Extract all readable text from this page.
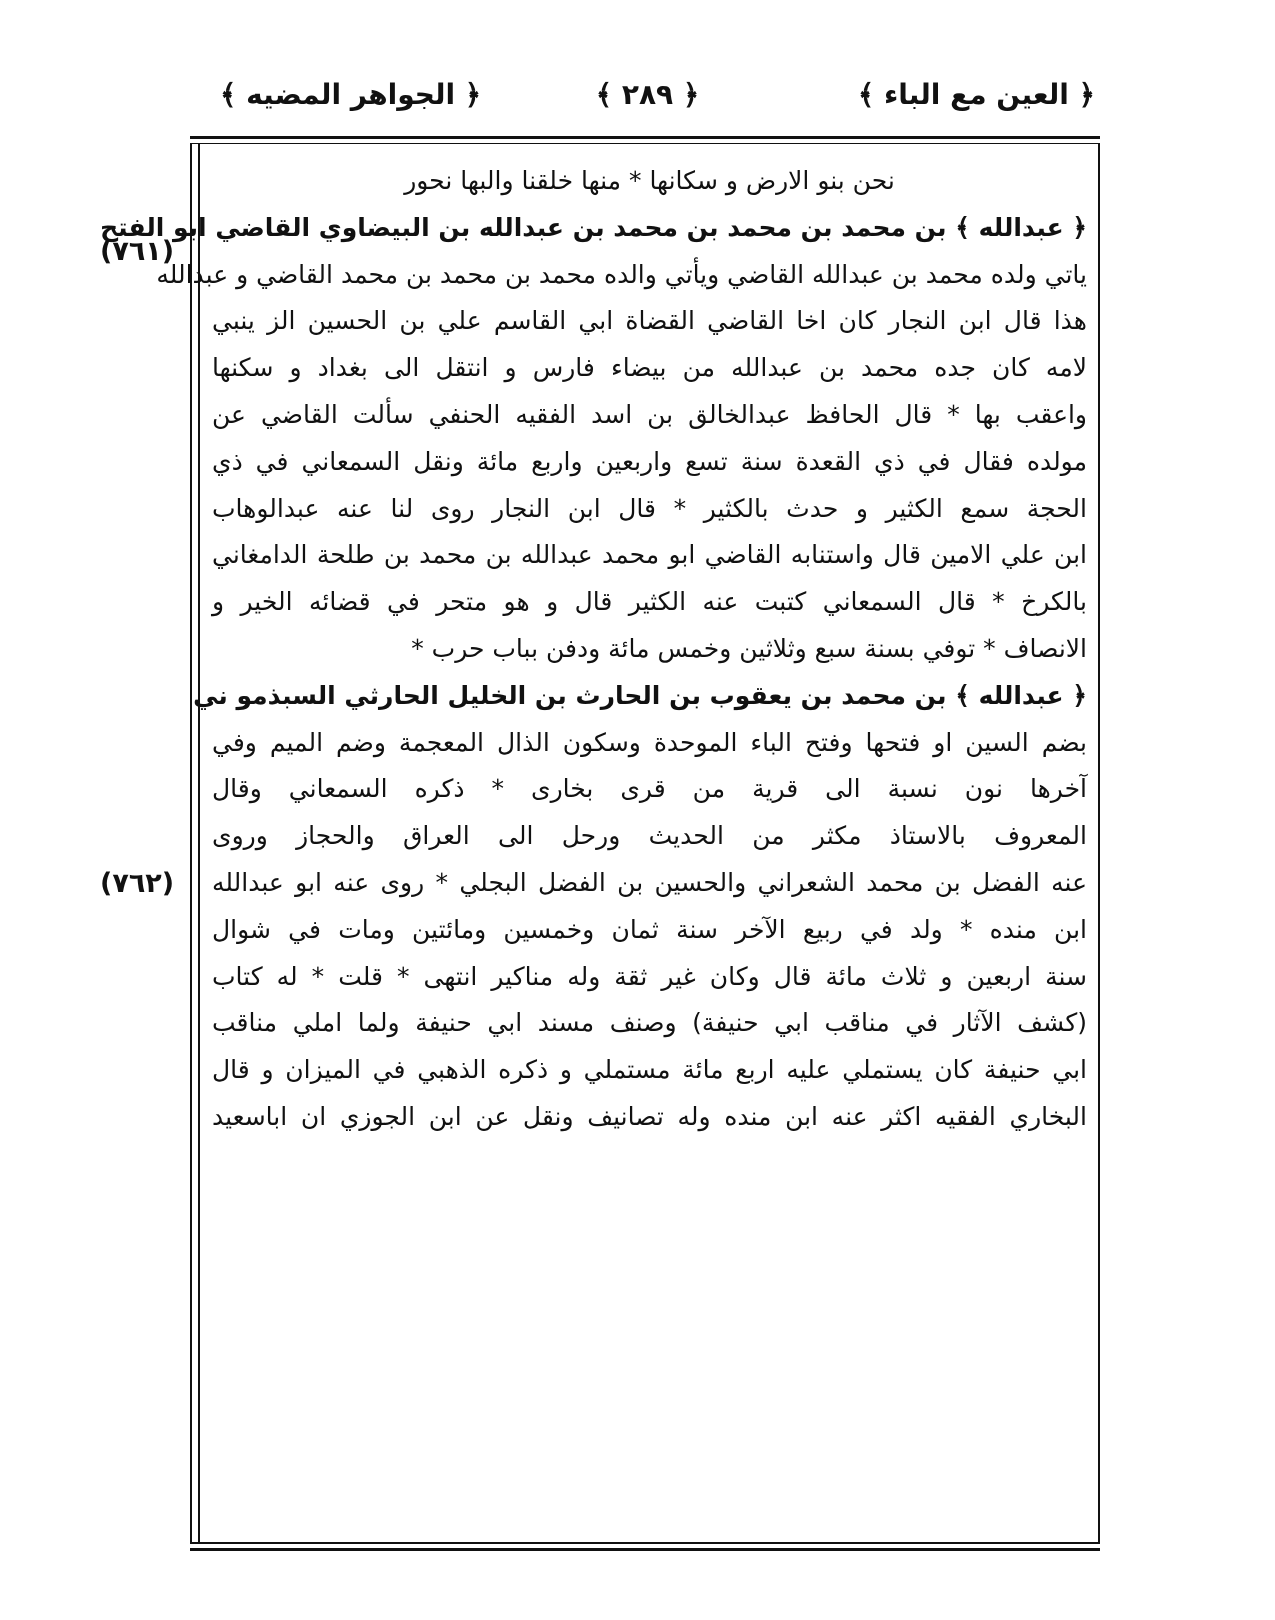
﴿ العين مع الباء ﴾
﴿ ٢٨٩ ﴾
﴿ الجواهر المضيه ﴾
(٧٦١)
(٧٦٢)
نحن بنو الارض و سكانها * منها خلقنا والبها نحور
﴿ عبدالله ﴾ بن محمد بن محمد بن محمد بن عبدالله بن البيضاوي القاضي ابو الفتح
ياتي ولده محمد بن عبدالله القاضي ويأتي والده محمد بن محمد بن محمد القاضي و عبدالله
هذا قال ابن النجار كان اخا القاضي القضاة ابي القاسم علي بن الحسين الز ينبي
لامه كان جده محمد بن عبدالله من بيضاء فارس و انتقل الى بغداد و سكنها
واعقب بها * قال الحافظ عبدالخالق بن اسد الفقيه الحنفي سألت القاضي عن
مولده فقال في ذي القعدة سنة تسع واربعين واربع مائة ونقل السمعاني في ذي
الحجة سمع الكثير و حدث بالكثير * قال ابن النجار روى لنا عنه عبدالوهاب
ابن علي الامين قال واستنابه القاضي ابو محمد عبدالله بن محمد بن طلحة الدامغاني
بالكرخ * قال السمعاني كتبت عنه الكثير قال و هو متحر في قضائه الخير و
الانصاف * توفي بسنة سبع وثلاثين وخمس مائة ودفن بباب حرب *
﴿ عبدالله ﴾ بن محمد بن يعقوب بن الحارث بن الخليل الحارثي السبذمو ني
بضم السين او فتحها وفتح الباء الموحدة وسكون الذال المعجمة وضم الميم وفي
آخرها نون نسبة الى قرية من قرى بخارى * ذكره السمعاني وقال
المعروف بالاستاذ مكثر من الحديث ورحل الى العراق والحجاز وروى
عنه الفضل بن محمد الشعراني والحسين بن الفضل البجلي * روى عنه ابو عبدالله
ابن منده * ولد في ربيع الآخر سنة ثمان وخمسين ومائتين ومات في شوال
سنة اربعين و ثلاث مائة قال وكان غير ثقة وله مناكير انتهى * قلت * له كتاب
(كشف الآثار في مناقب ابي حنيفة) وصنف مسند ابي حنيفة ولما املي مناقب
ابي حنيفة كان يستملي عليه اربع مائة مستملي و ذكره الذهبي في الميزان و قال
البخاري الفقيه اكثر عنه ابن منده وله تصانيف ونقل عن ابن الجوزي ان اباسعيد
